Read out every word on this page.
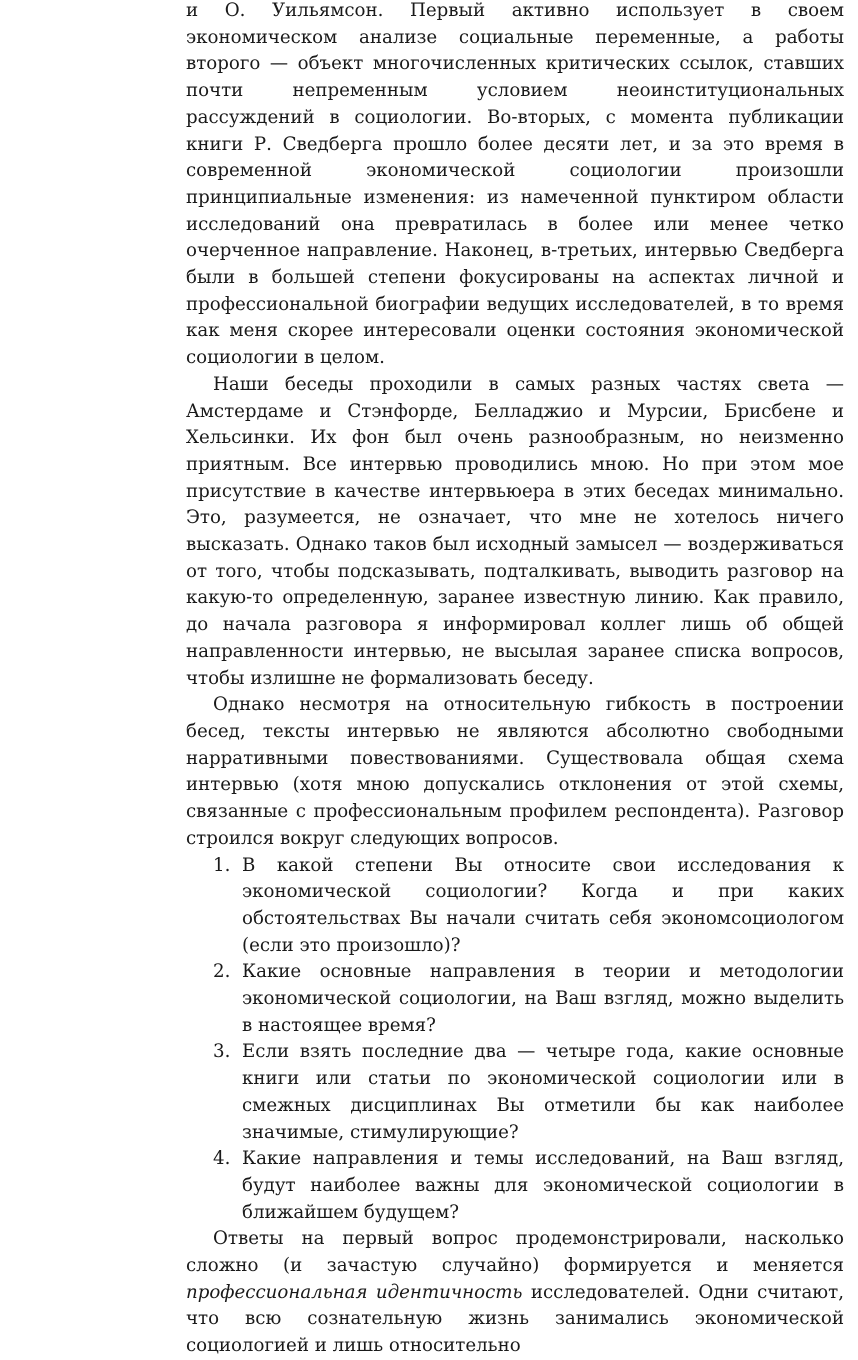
и О. Уильямсон. Первый активно использует в своем экономическом анализе социальные переменные, а работы второго — объект многочисленных критических ссылок, ставших почти непременным условием неоинституциональных рассуждений в социологии. Во-вторых, с момента публикации книги Р. Сведберга прошло более десяти лет, и за это время в современной экономической социологии произошли принципиальные изменения: из намеченной пунктиром области исследований она превратилась в более или менее четко очерченное направление. Наконец, в-третьих, интервью Сведберга были в большей степени фокусированы на аспектах личной и профессиональной биографии ведущих исследователей, в то время как меня скорее интересовали оценки состояния экономической социологии в целом.

Наши беседы проходили в самых разных частях света — Амстердаме и Стэнфорде, Белладжио и Мурсии, Брисбене и Хельсинки. Их фон был очень разнообразным, но неизменно приятным. Все интервью проводились мною. Но при этом мое присутствие в качестве интервьюера в этих беседах минимально. Это, разумеется, не означает, что мне не хотелось ничего высказать. Однако таков был исходный замысел — воздерживаться от того, чтобы подсказывать, подталкивать, выводить разговор на какую-то определенную, заранее известную линию. Как правило, до начала разговора я информировал коллег лишь об общей направленности интервью, не высылая заранее списка вопросов, чтобы излишне не формализовать беседу.

Однако несмотря на относительную гибкость в построении бесед, тексты интервью не являются абсолютно свободными нарративными повествованиями. Существовала общая схема интервью (хотя мною допускались отклонения от этой схемы, связанные с профессиональным профилем респондента). Разговор строился вокруг следующих вопросов.

1. В какой степени Вы относите свои исследования к экономической социологии? Когда и при каких обстоятельствах Вы начали считать себя экономсоциологом (если это произошло)?
2. Какие основные направления в теории и методологии экономической социологии, на Ваш взгляд, можно выделить в настоящее время?
3. Если взять последние два — четыре года, какие основные книги или статьи по экономической социологии или в смежных дисциплинах Вы отметили бы как наиболее значимые, стимулирующие?
4. Какие направления и темы исследований, на Ваш взгляд, будут наиболее важны для экономической социологии в ближайшем будущем?

Ответы на первый вопрос продемонстрировали, насколько сложно (и зачастую случайно) формируется и меняется профессиональная идентичность исследователей. Одни считают, что всю сознательную жизнь занимались экономической социологией и лишь относительно
